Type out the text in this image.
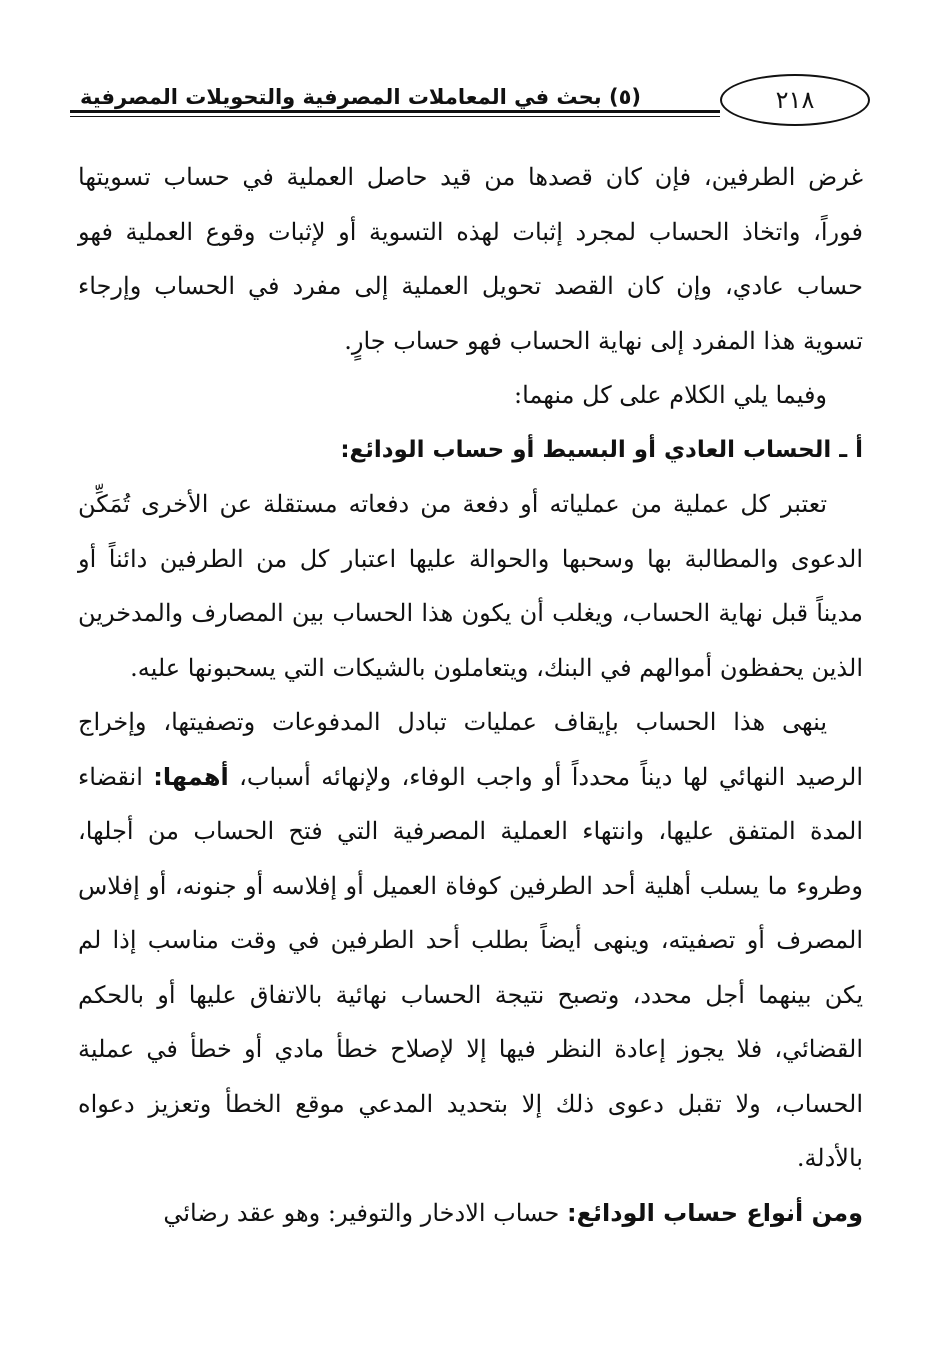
(٥) بحث في المعاملات المصرفية والتحويلات المصرفية	٢١٨

غرض الطرفين، فإن كان قصدها من قيد حاصل العملية في حساب تسويتها فوراً، واتخاذ الحساب لمجرد إثبات لهذه التسوية أو لإثبات وقوع العملية فهو حساب عادي، وإن كان القصد تحويل العملية إلى مفرد في الحساب وإرجاء تسوية هذا المفرد إلى نهاية الحساب فهو حساب جارٍ.

وفيما يلي الكلام على كل منهما:

أ ـ الحساب العادي أو البسيط أو حساب الودائع:

تعتبر كل عملية من عملياته أو دفعة من دفعاته مستقلة عن الأخرى تُمَكِّن الدعوى والمطالبة بها وسحبها والحوالة عليها اعتبار كل من الطرفين دائناً أو مديناً قبل نهاية الحساب، ويغلب أن يكون هذا الحساب بين المصارف والمدخرين الذين يحفظون أموالهم في البنك، ويتعاملون بالشيكات التي يسحبونها عليه.

ينهى هذا الحساب بإيقاف عمليات تبادل المدفوعات وتصفيتها، وإخراج الرصيد النهائي لها ديناً محدداً أو واجب الوفاء، ولإنهائه أسباب، أهمها: انقضاء المدة المتفق عليها، وانتهاء العملية المصرفية التي فتح الحساب من أجلها، وطروء ما يسلب أهلية أحد الطرفين كوفاة العميل أو إفلاسه أو جنونه، أو إفلاس المصرف أو تصفيته، وينهى أيضاً بطلب أحد الطرفين في وقت مناسب إذا لم يكن بينهما أجل محدد، وتصبح نتيجة الحساب نهائية بالاتفاق عليها أو بالحكم القضائي، فلا يجوز إعادة النظر فيها إلا لإصلاح خطأ مادي أو خطأ في عملية الحساب، ولا تقبل دعوى ذلك إلا بتحديد المدعي موقع الخطأ وتعزيز دعواه بالأدلة.

ومن أنواع حساب الودائع: حساب الادخار والتوفير: وهو عقد رضائي
